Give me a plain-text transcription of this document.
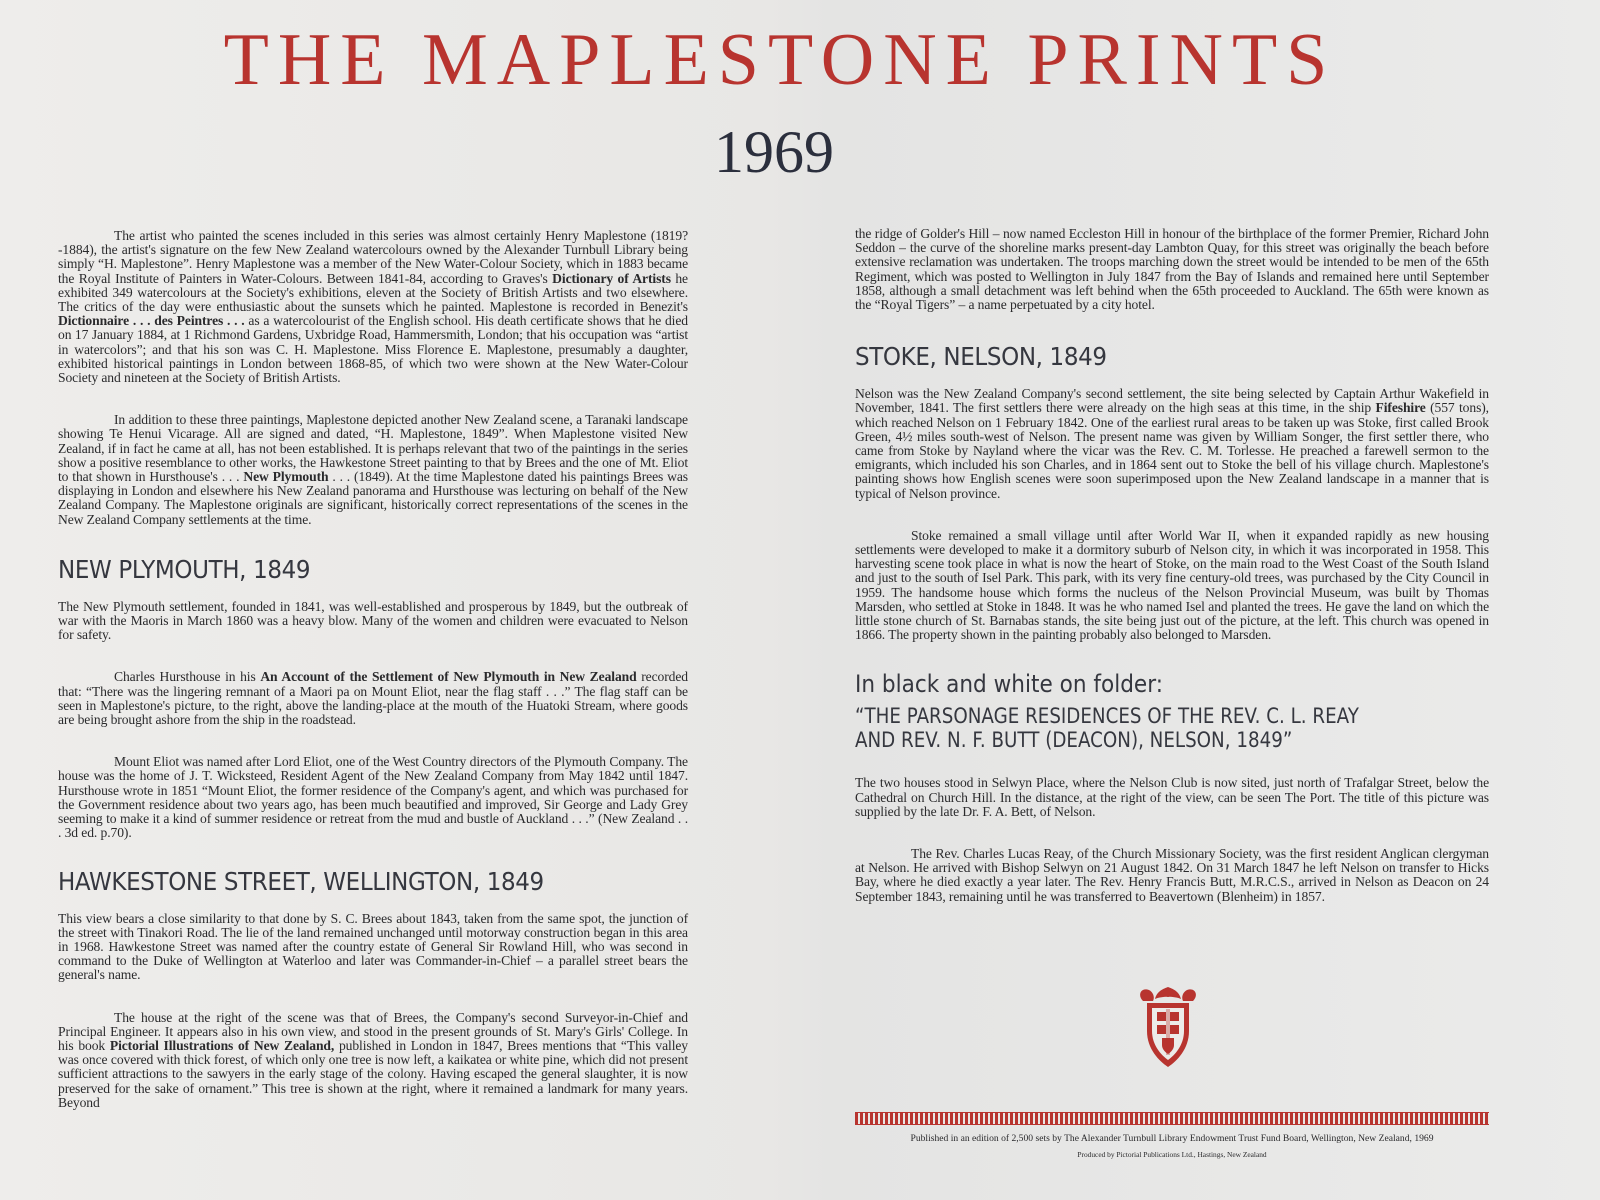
THE MAPLESTONE PRINTS
1969

The artist who painted the scenes included in this series was almost certainly Henry Maplestone (1819?-1884), the artist's signature on the few New Zealand watercolours owned by the Alexander Turnbull Library being simply “H. Maplestone”. Henry Maplestone was a member of the New Water-Colour Society, which in 1883 became the Royal Institute of Painters in Water-Colours. Between 1841-84, according to Graves's Dictionary of Artists he exhibited 349 watercolours at the Society's exhibitions, eleven at the Society of British Artists and two elsewhere. The critics of the day were enthusiastic about the sunsets which he painted. Maplestone is recorded in Benezit's Dictionnaire . . . des Peintres . . . as a watercolourist of the English school. His death certificate shows that he died on 17 January 1884, at 1 Richmond Gardens, Uxbridge Road, Hammersmith, London; that his occupation was “artist in watercolors”; and that his son was C. H. Maplestone. Miss Florence E. Maplestone, presumably a daughter, exhibited historical paintings in London between 1868-85, of which two were shown at the New Water-Colour Society and nineteen at the Society of British Artists.

In addition to these three paintings, Maplestone depicted another New Zealand scene, a Taranaki landscape showing Te Henui Vicarage. All are signed and dated, “H. Maplestone, 1849”. When Maplestone visited New Zealand, if in fact he came at all, has not been established. It is perhaps relevant that two of the paintings in the series show a positive resemblance to other works, the Hawkestone Street painting to that by Brees and the one of Mt. Eliot to that shown in Hursthouse's . . . New Plymouth . . . (1849). At the time Maplestone dated his paintings Brees was displaying in London and elsewhere his New Zealand panorama and Hursthouse was lecturing on behalf of the New Zealand Company. The Maplestone originals are significant, historically correct representations of the scenes in the New Zealand Company settlements at the time.

NEW PLYMOUTH, 1849

The New Plymouth settlement, founded in 1841, was well-established and prosperous by 1849, but the outbreak of war with the Maoris in March 1860 was a heavy blow. Many of the women and children were evacuated to Nelson for safety.

Charles Hursthouse in his An Account of the Settlement of New Plymouth in New Zealand recorded that: “There was the lingering remnant of a Maori pa on Mount Eliot, near the flag staff . . .” The flag staff can be seen in Maplestone's picture, to the right, above the landing-place at the mouth of the Huatoki Stream, where goods are being brought ashore from the ship in the roadstead.

Mount Eliot was named after Lord Eliot, one of the West Country directors of the Plymouth Company. The house was the home of J. T. Wicksteed, Resident Agent of the New Zealand Company from May 1842 until 1847. Hursthouse wrote in 1851 “Mount Eliot, the former residence of the Company's agent, and which was purchased for the Government residence about two years ago, has been much beautified and improved, Sir George and Lady Grey seeming to make it a kind of summer residence or retreat from the mud and bustle of Auckland . . .” (New Zealand . . . 3d ed. p.70).

HAWKESTONE STREET, WELLINGTON, 1849

This view bears a close similarity to that done by S. C. Brees about 1843, taken from the same spot, the junction of the street with Tinakori Road. The lie of the land remained unchanged until motorway construction began in this area in 1968. Hawkestone Street was named after the country estate of General Sir Rowland Hill, who was second in command to the Duke of Wellington at Waterloo and later was Commander-in-Chief – a parallel street bears the general's name.

The house at the right of the scene was that of Brees, the Company's second Surveyor-in-Chief and Principal Engineer. It appears also in his own view, and stood in the present grounds of St. Mary's Girls' College. In his book Pictorial Illustrations of New Zealand, published in London in 1847, Brees mentions that “This valley was once covered with thick forest, of which only one tree is now left, a kaikatea or white pine, which did not present sufficient attractions to the sawyers in the early stage of the colony. Having escaped the general slaughter, it is now preserved for the sake of ornament.” This tree is shown at the right, where it remained a landmark for many years. Beyond

the ridge of Golder's Hill – now named Eccleston Hill in honour of the birthplace of the former Premier, Richard John Seddon – the curve of the shoreline marks present-day Lambton Quay, for this street was originally the beach before extensive reclamation was undertaken. The troops marching down the street would be intended to be men of the 65th Regiment, which was posted to Wellington in July 1847 from the Bay of Islands and remained here until September 1858, although a small detachment was left behind when the 65th proceeded to Auckland. The 65th were known as the “Royal Tigers” – a name perpetuated by a city hotel.

STOKE, NELSON, 1849

Nelson was the New Zealand Company's second settlement, the site being selected by Captain Arthur Wakefield in November, 1841. The first settlers there were already on the high seas at this time, in the ship Fifeshire (557 tons), which reached Nelson on 1 February 1842. One of the earliest rural areas to be taken up was Stoke, first called Brook Green, 4½ miles south-west of Nelson. The present name was given by William Songer, the first settler there, who came from Stoke by Nayland where the vicar was the Rev. C. M. Torlesse. He preached a farewell sermon to the emigrants, which included his son Charles, and in 1864 sent out to Stoke the bell of his village church. Maplestone's painting shows how English scenes were soon superimposed upon the New Zealand landscape in a manner that is typical of Nelson province.

Stoke remained a small village until after World War II, when it expanded rapidly as new housing settlements were developed to make it a dormitory suburb of Nelson city, in which it was incorporated in 1958. This harvesting scene took place in what is now the heart of Stoke, on the main road to the West Coast of the South Island and just to the south of Isel Park. This park, with its very fine century-old trees, was purchased by the City Council in 1959. The handsome house which forms the nucleus of the Nelson Provincial Museum, was built by Thomas Marsden, who settled at Stoke in 1848. It was he who named Isel and planted the trees. He gave the land on which the little stone church of St. Barnabas stands, the site being just out of the picture, at the left. This church was opened in 1866. The property shown in the painting probably also belonged to Marsden.

In black and white on folder:
“THE PARSONAGE RESIDENCES OF THE REV. C. L. REAY
AND REV. N. F. BUTT (DEACON), NELSON, 1849”

The two houses stood in Selwyn Place, where the Nelson Club is now sited, just north of Trafalgar Street, below the Cathedral on Church Hill. In the distance, at the right of the view, can be seen The Port. The title of this picture was supplied by the late Dr. F. A. Bett, of Nelson.

The Rev. Charles Lucas Reay, of the Church Missionary Society, was the first resident Anglican clergyman at Nelson. He arrived with Bishop Selwyn on 21 August 1842. On 31 March 1847 he left Nelson on transfer to Hicks Bay, where he died exactly a year later. The Rev. Henry Francis Butt, M.R.C.S., arrived in Nelson as Deacon on 24 September 1843, remaining until he was transferred to Beavertown (Blenheim) in 1857.

Published in an edition of 2,500 sets by The Alexander Turnbull Library Endowment Trust Fund Board, Wellington, New Zealand, 1969
Produced by Pictorial Publications Ltd., Hastings, New Zealand
